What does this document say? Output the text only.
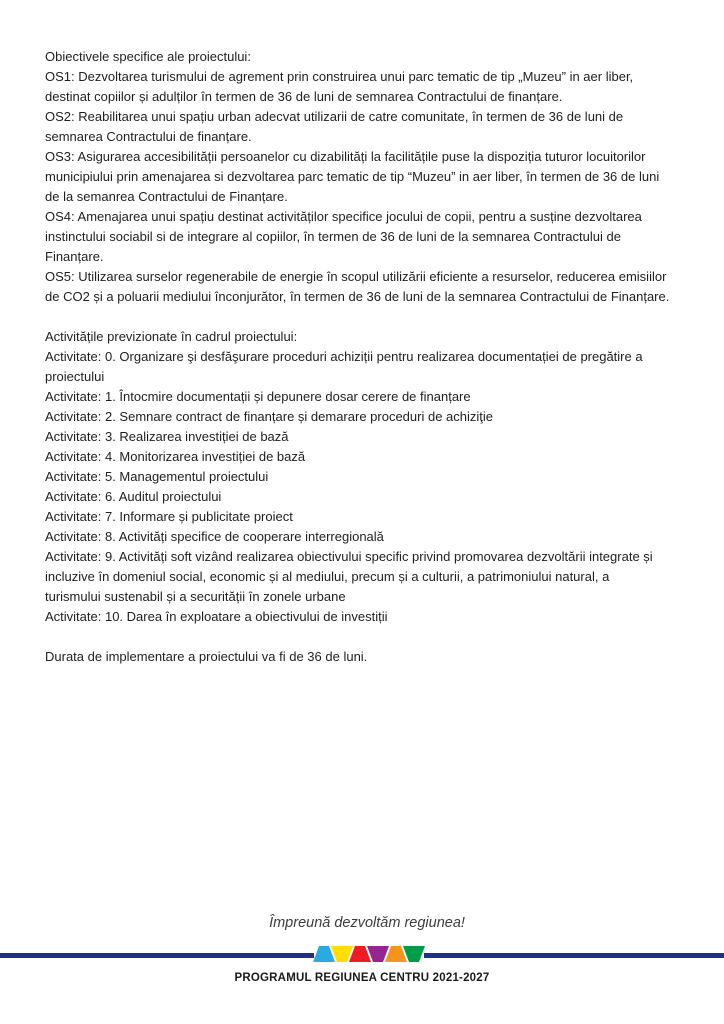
Obiectivele specifice ale proiectului:
OS1: Dezvoltarea turismului de agrement prin construirea unui parc tematic de tip „Muzeu” in aer liber,
destinat copiilor și adulților în termen de 36 de luni de semnarea Contractului de finanțare.
OS2: Reabilitarea unui spațiu urban adecvat utilizarii de catre comunitate, în termen de 36 de luni de
semnarea Contractului de finanțare.
OS3: Asigurarea accesibilității persoanelor cu dizabilități la facilitățile puse la dispoziția tuturor locuitorilor
municipiului prin amenajarea si dezvoltarea parc tematic de tip “Muzeu” in aer liber, în termen de 36 de luni
de la semanrea Contractului de Finanțare.
OS4: Amenajarea unui spațiu destinat activităților specifice jocului de copii, pentru a susține dezvoltarea
instinctului sociabil si de integrare al copiilor, în termen de 36 de luni de la semnarea Contractului de
Finanțare.
OS5: Utilizarea surselor regenerabile de energie în scopul utilizării eficiente a resurselor, reducerea emisiilor
de CO2 și a poluarii mediului înconjurător, în termen de 36 de luni de la semnarea Contractului de Finanțare.

Activitățile previzionate în cadrul proiectului:
Activitate: 0. Organizare şi desfăşurare proceduri achiziții pentru realizarea documentației de pregătire a
proiectului
Activitate: 1. Întocmire documentații și depunere dosar cerere de finanțare
Activitate: 2. Semnare contract de finanțare și demarare proceduri de achiziţie
Activitate: 3. Realizarea investiției de bază
Activitate: 4. Monitorizarea investiției de bază
Activitate: 5. Managementul proiectului
Activitate: 6. Auditul proiectului
Activitate: 7. Informare și publicitate proiect
Activitate: 8. Activități specifice de cooperare interregională
Activitate: 9. Activități soft vizând realizarea obiectivului specific privind promovarea dezvoltării integrate și
incluzive în domeniul social, economic și al mediului, precum și a culturii, a patrimoniului natural, a
turismului sustenabil și a securității în zonele urbane
Activitate: 10. Darea în exploatare a obiectivului de investiții

Durata de implementare a proiectului va fi de 36 de luni.
Împreună dezvoltăm regiunea!
PROGRAMUL REGIUNEA CENTRU 2021-2027
